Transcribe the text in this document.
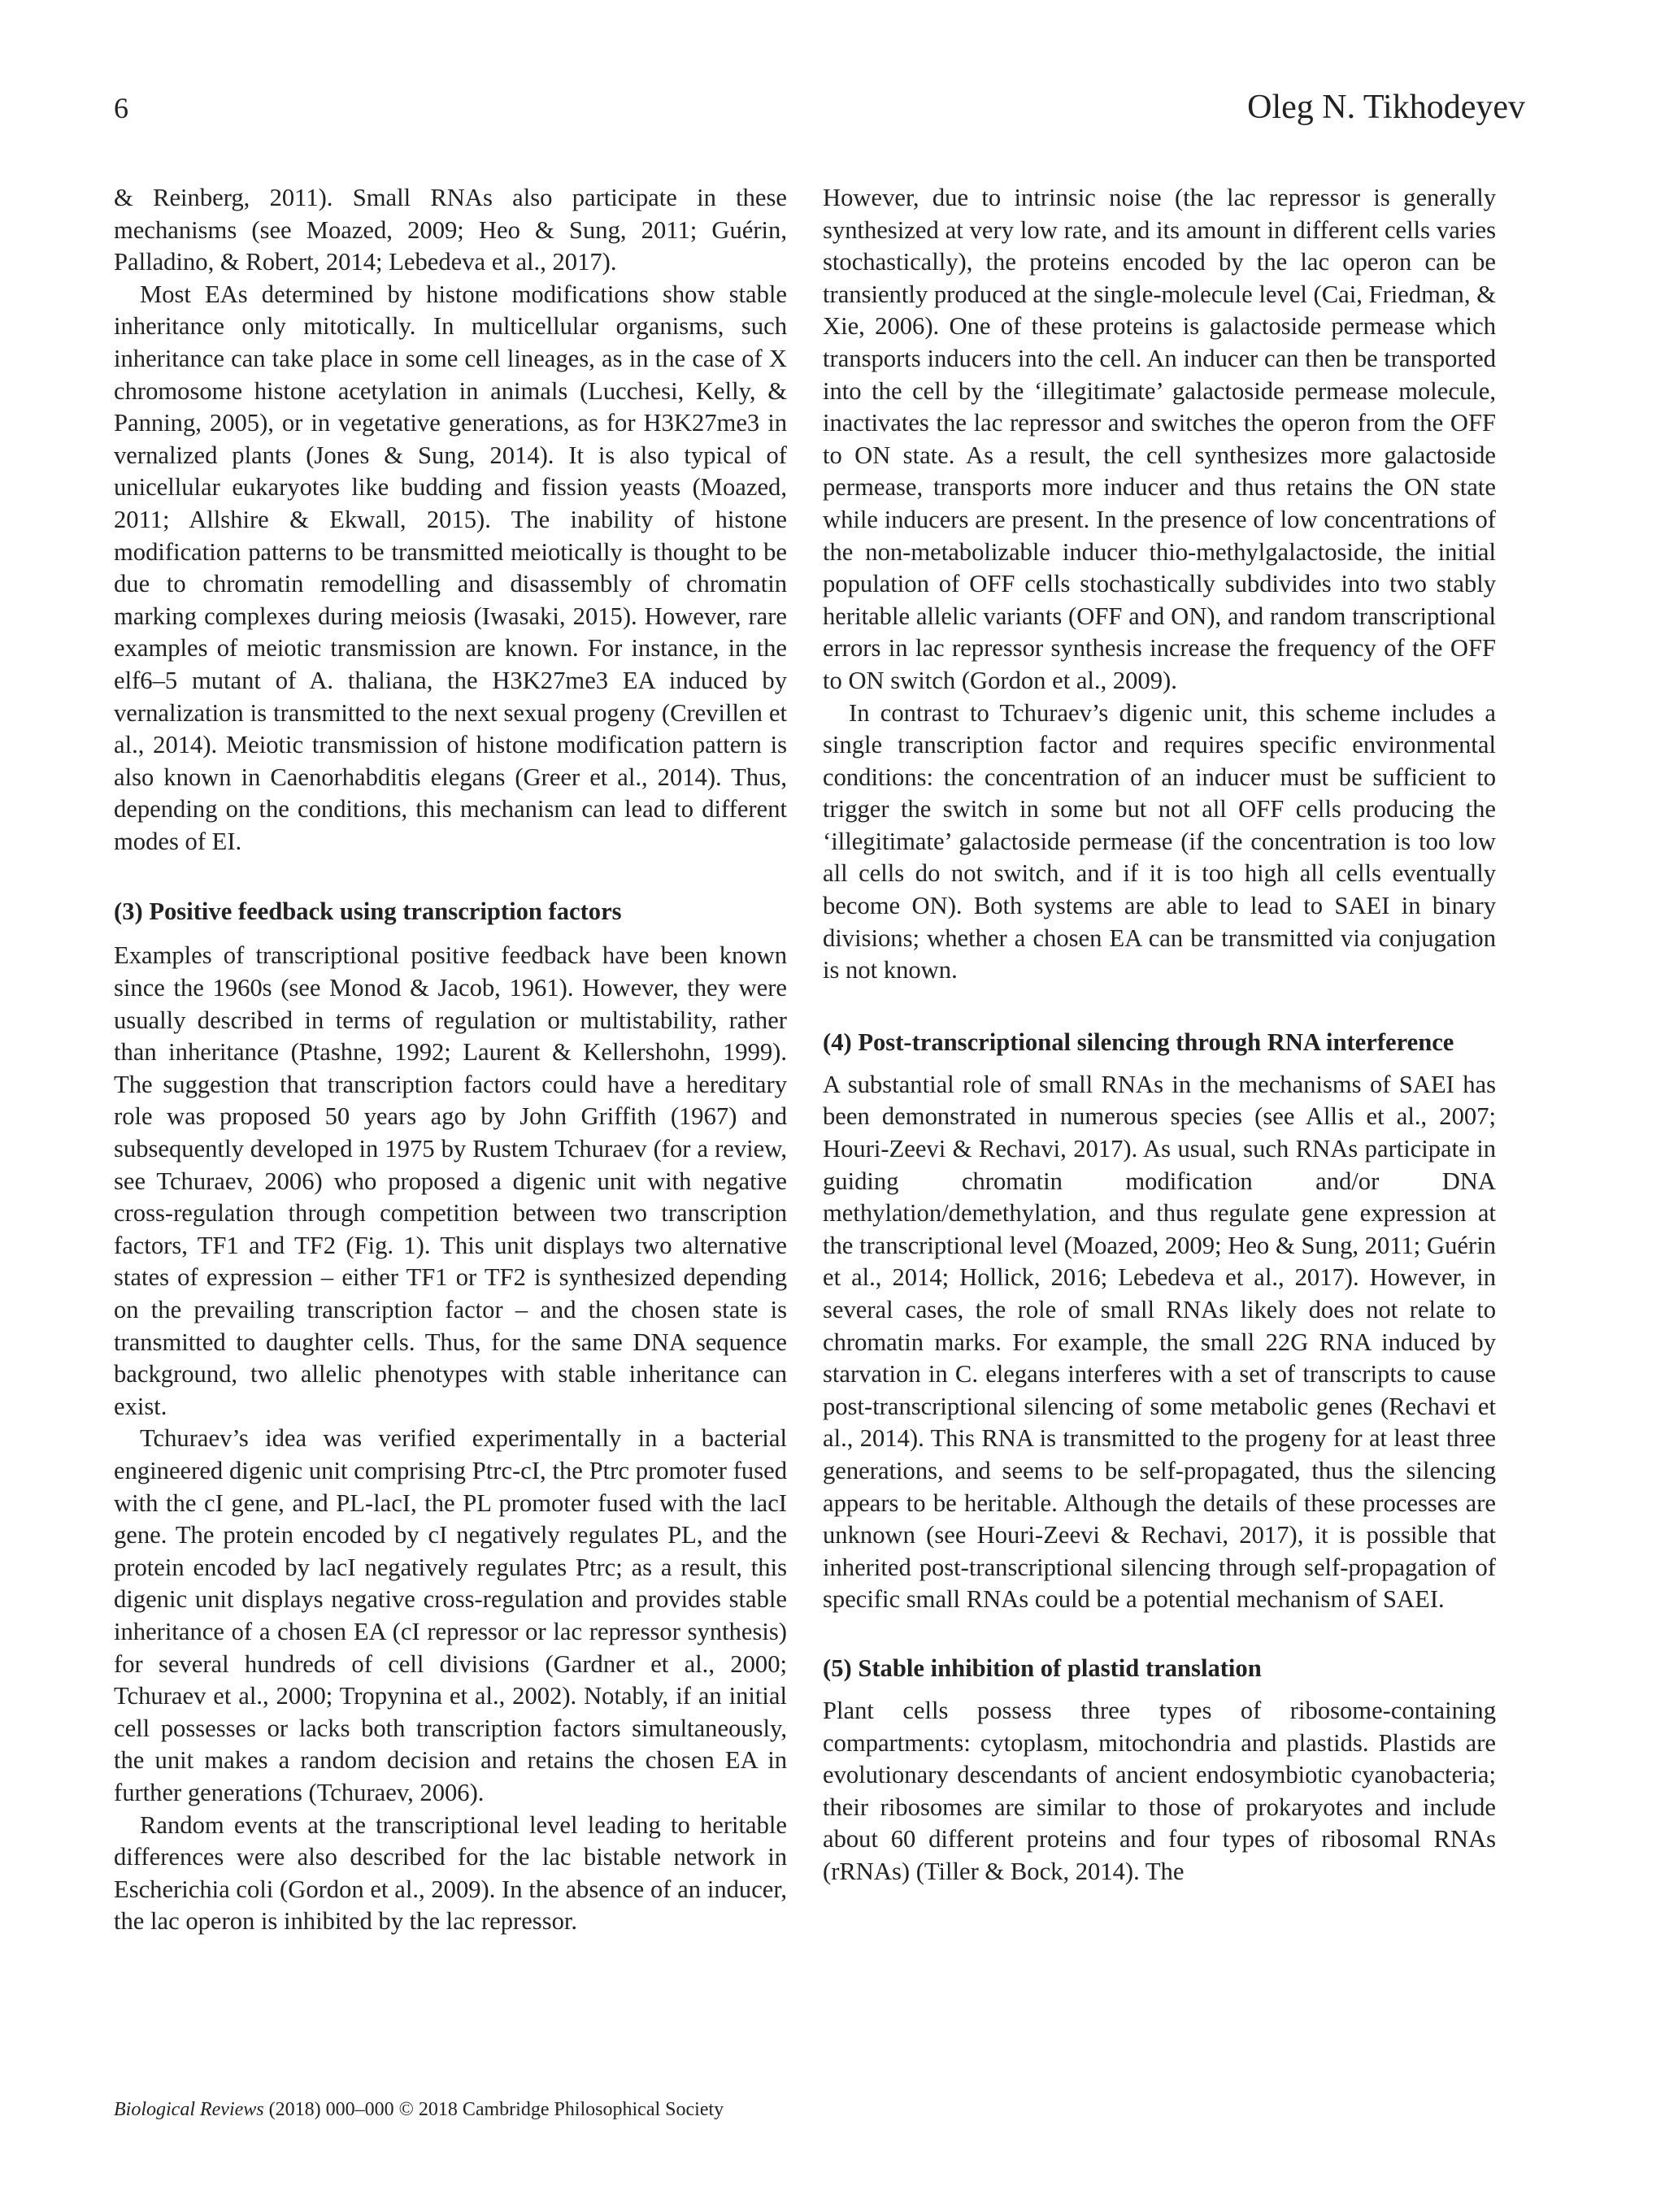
6	Oleg N. Tikhodeyev

& Reinberg, 2011). Small RNAs also participate in these mechanisms (see Moazed, 2009; Heo & Sung, 2011; Guérin, Palladino, & Robert, 2014; Lebedeva et al., 2017).

Most EAs determined by histone modifications show stable inheritance only mitotically. In multicellular organisms, such inheritance can take place in some cell lineages, as in the case of X chromosome histone acetylation in animals (Lucchesi, Kelly, & Panning, 2005), or in vegetative generations, as for H3K27me3 in vernalized plants (Jones & Sung, 2014). It is also typical of unicellular eukaryotes like budding and fission yeasts (Moazed, 2011; Allshire & Ekwall, 2015). The inability of histone modification patterns to be transmitted meiotically is thought to be due to chromatin remodelling and disassembly of chromatin marking complexes during meiosis (Iwasaki, 2015). However, rare examples of meiotic transmission are known. For instance, in the elf6–5 mutant of A. thaliana, the H3K27me3 EA induced by vernalization is transmitted to the next sexual progeny (Crevillen et al., 2014). Meiotic transmission of histone modification pattern is also known in Caenorhabditis elegans (Greer et al., 2014). Thus, depending on the conditions, this mechanism can lead to different modes of EI.

(3) Positive feedback using transcription factors

Examples of transcriptional positive feedback have been known since the 1960s (see Monod & Jacob, 1961). However, they were usually described in terms of regulation or multistability, rather than inheritance (Ptashne, 1992; Laurent & Kellershohn, 1999). The suggestion that transcription factors could have a hereditary role was proposed 50 years ago by John Griffith (1967) and subsequently developed in 1975 by Rustem Tchuraev (for a review, see Tchuraev, 2006) who proposed a digenic unit with negative cross-regulation through competition between two transcription factors, TF1 and TF2 (Fig. 1). This unit displays two alternative states of expression – either TF1 or TF2 is synthesized depending on the prevailing transcription factor – and the chosen state is transmitted to daughter cells. Thus, for the same DNA sequence background, two allelic phenotypes with stable inheritance can exist.

Tchuraev’s idea was verified experimentally in a bacterial engineered digenic unit comprising Ptrc-cI, the Ptrc promoter fused with the cI gene, and PL-lacI, the PL promoter fused with the lacI gene. The protein encoded by cI negatively regulates PL, and the protein encoded by lacI negatively regulates Ptrc; as a result, this digenic unit displays negative cross-regulation and provides stable inheritance of a chosen EA (cI repressor or lac repressor synthesis) for several hundreds of cell divisions (Gardner et al., 2000; Tchuraev et al., 2000; Tropynina et al., 2002). Notably, if an initial cell possesses or lacks both transcription factors simultaneously, the unit makes a random decision and retains the chosen EA in further generations (Tchuraev, 2006).

Random events at the transcriptional level leading to heritable differences were also described for the lac bistable network in Escherichia coli (Gordon et al., 2009). In the absence of an inducer, the lac operon is inhibited by the lac repressor.

However, due to intrinsic noise (the lac repressor is generally synthesized at very low rate, and its amount in different cells varies stochastically), the proteins encoded by the lac operon can be transiently produced at the single-molecule level (Cai, Friedman, & Xie, 2006). One of these proteins is galactoside permease which transports inducers into the cell. An inducer can then be transported into the cell by the ‘illegitimate’ galactoside permease molecule, inactivates the lac repressor and switches the operon from the OFF to ON state. As a result, the cell synthesizes more galactoside permease, transports more inducer and thus retains the ON state while inducers are present. In the presence of low concentrations of the non-metabolizable inducer thio-methylgalactoside, the initial population of OFF cells stochastically subdivides into two stably heritable allelic variants (OFF and ON), and random transcriptional errors in lac repressor synthesis increase the frequency of the OFF to ON switch (Gordon et al., 2009).

In contrast to Tchuraev’s digenic unit, this scheme includes a single transcription factor and requires specific environmental conditions: the concentration of an inducer must be sufficient to trigger the switch in some but not all OFF cells producing the ‘illegitimate’ galactoside permease (if the concentration is too low all cells do not switch, and if it is too high all cells eventually become ON). Both systems are able to lead to SAEI in binary divisions; whether a chosen EA can be transmitted via conjugation is not known.

(4) Post-transcriptional silencing through RNA interference

A substantial role of small RNAs in the mechanisms of SAEI has been demonstrated in numerous species (see Allis et al., 2007; Houri-Zeevi & Rechavi, 2017). As usual, such RNAs participate in guiding chromatin modification and/or DNA methylation/demethylation, and thus regulate gene expression at the transcriptional level (Moazed, 2009; Heo & Sung, 2011; Guérin et al., 2014; Hollick, 2016; Lebedeva et al., 2017). However, in several cases, the role of small RNAs likely does not relate to chromatin marks. For example, the small 22G RNA induced by starvation in C. elegans interferes with a set of transcripts to cause post-transcriptional silencing of some metabolic genes (Rechavi et al., 2014). This RNA is transmitted to the progeny for at least three generations, and seems to be self-propagated, thus the silencing appears to be heritable. Although the details of these processes are unknown (see Houri-Zeevi & Rechavi, 2017), it is possible that inherited post-transcriptional silencing through self-propagation of specific small RNAs could be a potential mechanism of SAEI.

(5) Stable inhibition of plastid translation

Plant cells possess three types of ribosome-containing compartments: cytoplasm, mitochondria and plastids. Plastids are evolutionary descendants of ancient endosymbiotic cyanobacteria; their ribosomes are similar to those of prokaryotes and include about 60 different proteins and four types of ribosomal RNAs (rRNAs) (Tiller & Bock, 2014). The

Biological Reviews (2018) 000–000 © 2018 Cambridge Philosophical Society
